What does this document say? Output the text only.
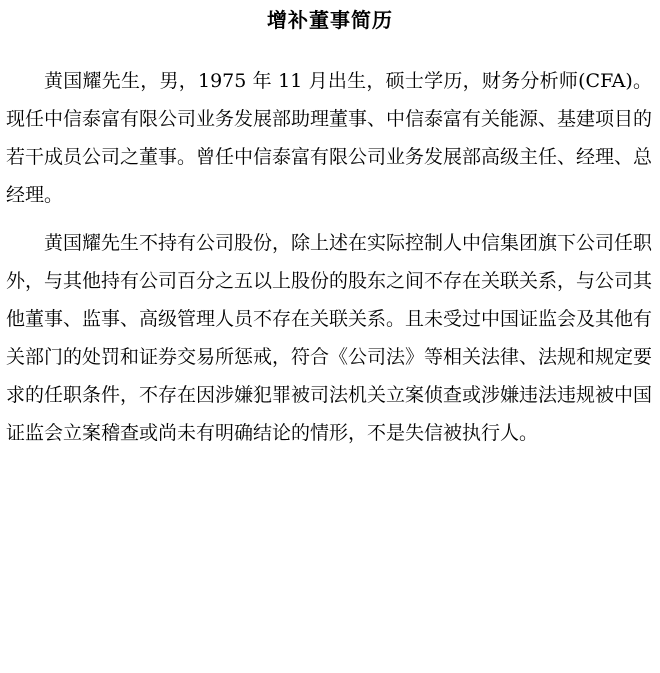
增补董事简历

黄国耀先生，男，1975 年 11 月出生，硕士学历，财务分析师(CFA)。现任中信泰富有限公司业务发展部助理董事、中信泰富有关能源、基建项目的若干成员公司之董事。曾任中信泰富有限公司业务发展部高级主任、经理、总经理。

黄国耀先生不持有公司股份，除上述在实际控制人中信集团旗下公司任职外，与其他持有公司百分之五以上股份的股东之间不存在关联关系，与公司其他董事、监事、高级管理人员不存在关联关系。且未受过中国证监会及其他有关部门的处罚和证券交易所惩戒，符合《公司法》等相关法律、法规和规定要求的任职条件，不存在因涉嫌犯罪被司法机关立案侦查或涉嫌违法违规被中国证监会立案稽查或尚未有明确结论的情形，不是失信被执行人。
